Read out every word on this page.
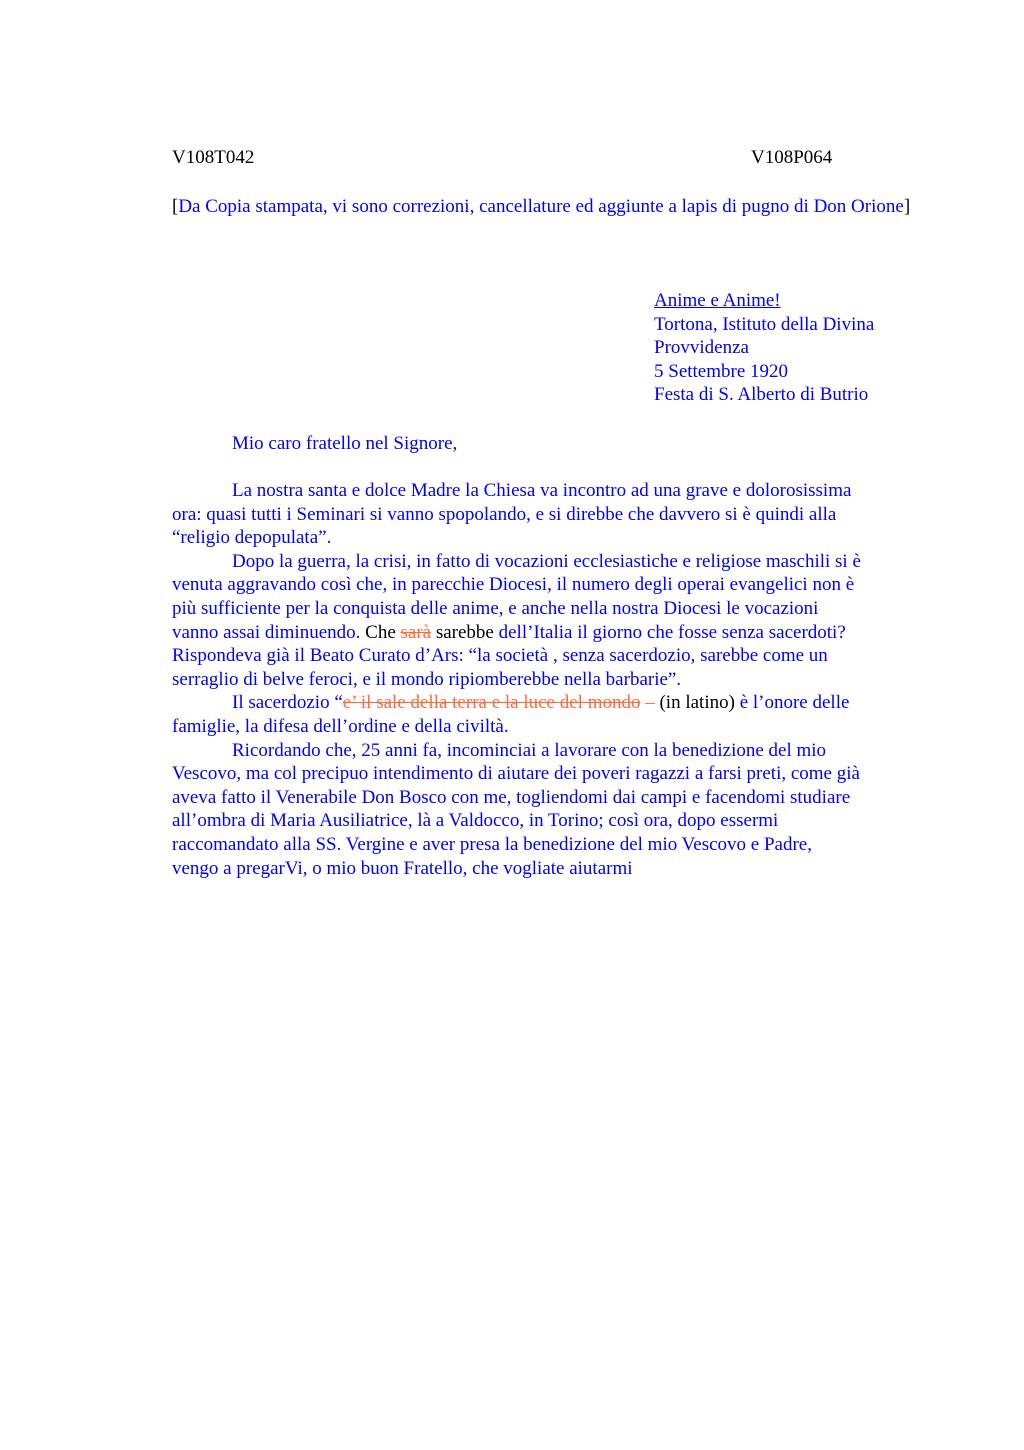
V108T042	V108P064
[Da Copia stampata, vi sono correzioni, cancellature ed aggiunte a lapis di pugno di Don Orione]
Anime e Anime!
Tortona, Istituto della Divina
Provvidenza
5 Settembre 1920
Festa di S. Alberto di Butrio
Mio caro fratello nel Signore,
La nostra santa e dolce Madre la Chiesa va incontro ad una grave e dolorosissima
ora: quasi tutti i Seminari si vanno spopolando, e si direbbe che davvero si è quindi alla
“religio depopulata”.
Dopo la guerra, la crisi, in fatto di vocazioni ecclesiastiche e religiose maschili si è
venuta aggravando così che, in parecchie Diocesi, il numero degli operai evangelici non è
più sufficiente per la conquista delle anime, e anche nella nostra Diocesi le vocazioni
vanno assai diminuendo. Che sarà sarebbe dell’Italia il giorno che fosse senza sacerdoti?
Rispondeva già il Beato Curato d’Ars: “la società , senza sacerdozio, sarebbe come un
serraglio di belve feroci, e il mondo ripiomberebbe nella barbarie”.
Il sacerdozio “e’ il sale della terra e la luce del mondo – (in latino) è l’onore delle
famiglie, la difesa dell’ordine e della civiltà.
Ricordando che, 25 anni fa, incominciai a lavorare con la benedizione del mio
Vescovo, ma col precipuo intendimento di aiutare dei poveri ragazzi a farsi preti, come già
aveva fatto il Venerabile Don Bosco con me, togliendomi dai campi e facendomi studiare
all’ombra di Maria Ausiliatrice, là a Valdocco, in Torino; così ora, dopo essermi
raccomandato alla SS. Vergine e aver presa la benedizione del mio Vescovo e Padre,
vengo a pregarVi, o mio buon Fratello, che vogliate aiutarmi
